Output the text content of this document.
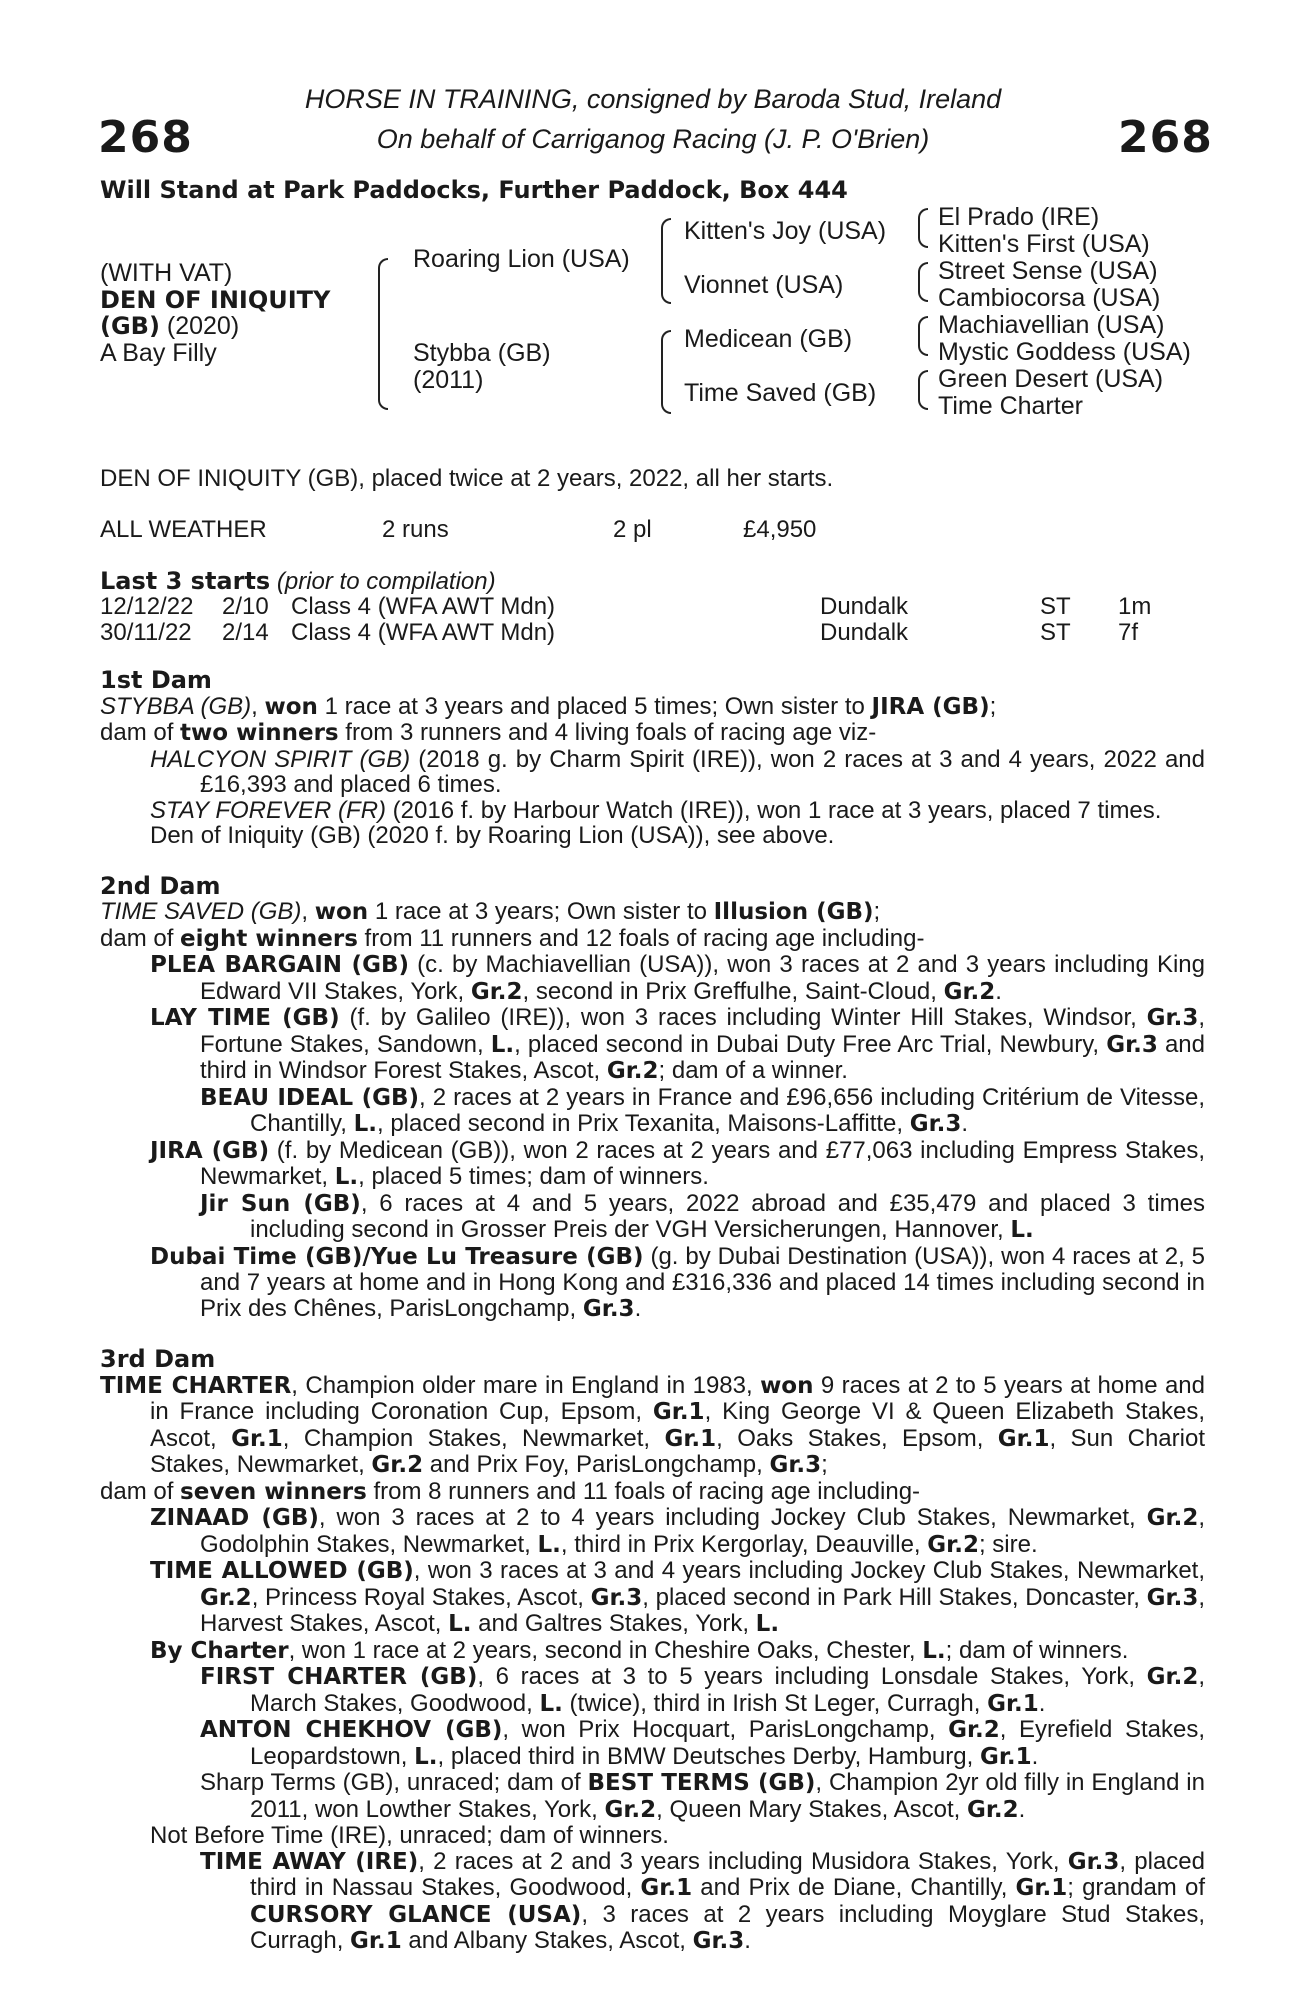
268	268
HORSE IN TRAINING, consigned by Baroda Stud, Ireland
On behalf of Carriganog Racing (J. P. O'Brien)
Will Stand at Park Paddocks, Further Paddock, Box 444
(WITH VAT)
DEN OF INIQUITY
(GB) (2020)
A Bay Filly
Roaring Lion (USA)
Stybba (GB)
(2011)
Kitten's Joy (USA)
Vionnet (USA)
Medicean (GB)
Time Saved (GB)
El Prado (IRE)
Kitten's First (USA)
Street Sense (USA)
Cambiocorsa (USA)
Machiavellian (USA)
Mystic Goddess (USA)
Green Desert (USA)
Time Charter
DEN OF INIQUITY (GB), placed twice at 2 years, 2022, all her starts.
ALL WEATHER	2 runs	2 pl	£4,950
Last 3 starts (prior to compilation)
12/12/22 2/10 Class 4 (WFA AWT Mdn)	Dundalk	ST 1m
30/11/22 2/14 Class 4 (WFA AWT Mdn)	Dundalk	ST 7f
1st Dam

STYBBA (GB), won 1 race at 3 years and placed 5 times; Own sister to JIRA (GB);

dam of two winners from 3 runners and 4 living foals of racing age viz-

HALCYON SPIRIT (GB) (2018 g. by Charm Spirit (IRE)), won 2 races at 3 and 4 years, 2022 and £16,393 and placed 6 times.

STAY FOREVER (FR) (2016 f. by Harbour Watch (IRE)), won 1 race at 3 years, placed 7 times.

Den of Iniquity (GB) (2020 f. by Roaring Lion (USA)), see above.

2nd Dam

TIME SAVED (GB), won 1 race at 3 years; Own sister to Illusion (GB);

dam of eight winners from 11 runners and 12 foals of racing age including-

PLEA BARGAIN (GB) (c. by Machiavellian (USA)), won 3 races at 2 and 3 years including King Edward VII Stakes, York, Gr.2, second in Prix Greffulhe, Saint-Cloud, Gr.2.

LAY TIME (GB) (f. by Galileo (IRE)), won 3 races including Winter Hill Stakes, Windsor, Gr.3, Fortune Stakes, Sandown, L., placed second in Dubai Duty Free Arc Trial, Newbury, Gr.3 and third in Windsor Forest Stakes, Ascot, Gr.2; dam of a winner.

BEAU IDEAL (GB), 2 races at 2 years in France and £96,656 including Critérium de Vitesse, Chantilly, L., placed second in Prix Texanita, Maisons-Laffitte, Gr.3.

JIRA (GB) (f. by Medicean (GB)), won 2 races at 2 years and £77,063 including Empress Stakes, Newmarket, L., placed 5 times; dam of winners.

Jir Sun (GB), 6 races at 4 and 5 years, 2022 abroad and £35,479 and placed 3 times including second in Grosser Preis der VGH Versicherungen, Hannover, L.

Dubai Time (GB)/Yue Lu Treasure (GB) (g. by Dubai Destination (USA)), won 4 races at 2, 5 and 7 years at home and in Hong Kong and £316,336 and placed 14 times including second in Prix des Chênes, ParisLongchamp, Gr.3.

3rd Dam

TIME CHARTER, Champion older mare in England in 1983, won 9 races at 2 to 5 years at home and in France including Coronation Cup, Epsom, Gr.1, King George VI & Queen Elizabeth Stakes, Ascot, Gr.1, Champion Stakes, Newmarket, Gr.1, Oaks Stakes, Epsom, Gr.1, Sun Chariot Stakes, Newmarket, Gr.2 and Prix Foy, ParisLongchamp, Gr.3;

dam of seven winners from 8 runners and 11 foals of racing age including-

ZINAAD (GB), won 3 races at 2 to 4 years including Jockey Club Stakes, Newmarket, Gr.2, Godolphin Stakes, Newmarket, L., third in Prix Kergorlay, Deauville, Gr.2; sire.

TIME ALLOWED (GB), won 3 races at 3 and 4 years including Jockey Club Stakes, Newmarket, Gr.2, Princess Royal Stakes, Ascot, Gr.3, placed second in Park Hill Stakes, Doncaster, Gr.3, Harvest Stakes, Ascot, L. and Galtres Stakes, York, L.

By Charter, won 1 race at 2 years, second in Cheshire Oaks, Chester, L.; dam of winners.

FIRST CHARTER (GB), 6 races at 3 to 5 years including Lonsdale Stakes, York, Gr.2, March Stakes, Goodwood, L. (twice), third in Irish St Leger, Curragh, Gr.1.

ANTON CHEKHOV (GB), won Prix Hocquart, ParisLongchamp, Gr.2, Eyrefield Stakes, Leopardstown, L., placed third in BMW Deutsches Derby, Hamburg, Gr.1.

Sharp Terms (GB), unraced; dam of BEST TERMS (GB), Champion 2yr old filly in England in 2011, won Lowther Stakes, York, Gr.2, Queen Mary Stakes, Ascot, Gr.2.

Not Before Time (IRE), unraced; dam of winners.

TIME AWAY (IRE), 2 races at 2 and 3 years including Musidora Stakes, York, Gr.3, placed third in Nassau Stakes, Goodwood, Gr.1 and Prix de Diane, Chantilly, Gr.1; grandam of CURSORY GLANCE (USA), 3 races at 2 years including Moyglare Stud Stakes, Curragh, Gr.1 and Albany Stakes, Ascot, Gr.3.
